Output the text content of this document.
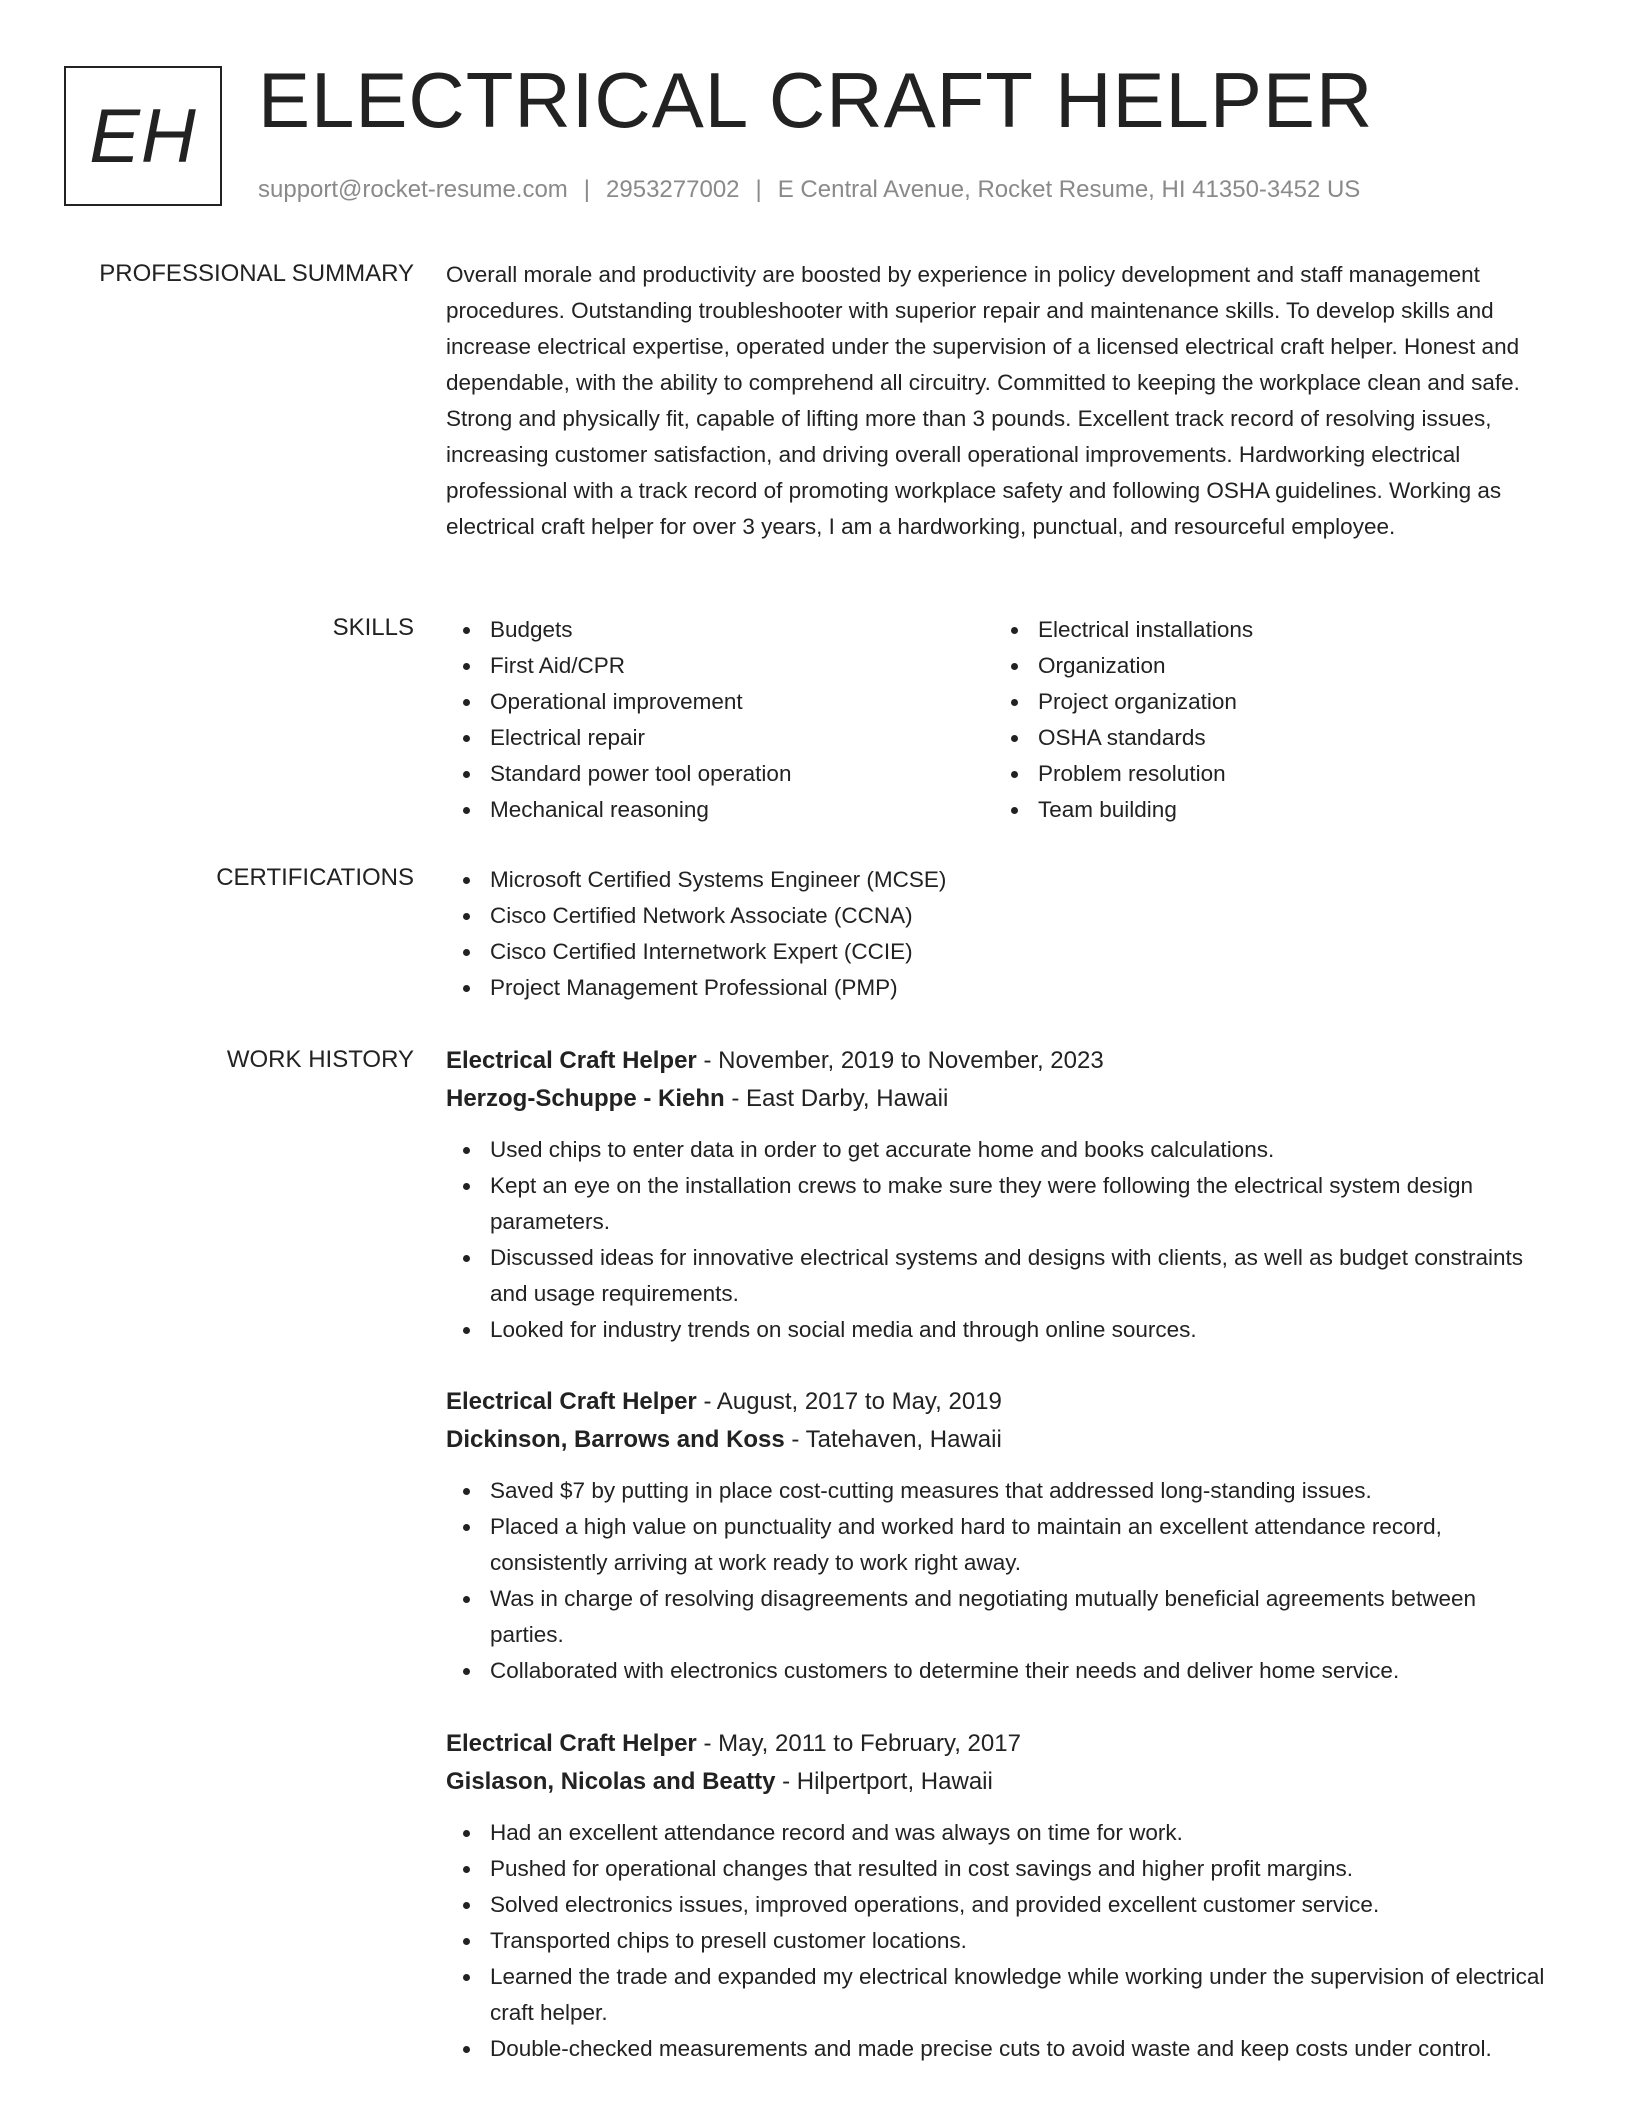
EH ELECTRICAL CRAFT HELPER
support@rocket-resume.com | 2953277002 | E Central Avenue, Rocket Resume, HI 41350-3452 US
PROFESSIONAL SUMMARY Overall morale and productivity are boosted by experience in policy development and staff management procedures. Outstanding troubleshooter with superior repair and maintenance skills. To develop skills and increase electrical expertise, operated under the supervision of a licensed electrical craft helper. Honest and dependable, with the ability to comprehend all circuitry. Committed to keeping the workplace clean and safe. Strong and physically fit, capable of lifting more than 3 pounds. Excellent track record of resolving issues, increasing customer satisfaction, and driving overall operational improvements. Hardworking electrical professional with a track record of promoting workplace safety and following OSHA guidelines. Working as electrical craft helper for over 3 years, I am a hardworking, punctual, and resourceful employee.

SKILLS	Budgets
First Aid/CPR
Operational improvement
Electrical repair
Standard power tool operation
Mechanical reasoning
Electrical installations
Organization
Project organization
OSHA standards
Problem resolution
Team building
CERTIFICATIONS	Microsoft Certified Systems Engineer (MCSE)
Cisco Certified Network Associate (CCNA)
Cisco Certified Internetwork Expert (CCIE)
Project Management Professional (PMP)
WORK HISTORY Electrical Craft Helper - November, 2019 to November, 2023
Herzog-Schuppe - Kiehn - East Darby, Hawaii
Used chips to enter data in order to get accurate home and books calculations.
Kept an eye on the installation crews to make sure they were following the electrical system design parameters.
Discussed ideas for innovative electrical systems and designs with clients, as well as budget constraints and usage requirements.
Looked for industry trends on social media and through online sources.
Electrical Craft Helper - August, 2017 to May, 2019
Dickinson, Barrows and Koss - Tatehaven, Hawaii
Saved $7 by putting in place cost-cutting measures that addressed long-standing issues.
Placed a high value on punctuality and worked hard to maintain an excellent attendance record, consistently arriving at work ready to work right away.
Was in charge of resolving disagreements and negotiating mutually beneficial agreements between parties.
Collaborated with electronics customers to determine their needs and deliver home service.
Electrical Craft Helper - May, 2011 to February, 2017
Gislason, Nicolas and Beatty - Hilpertport, Hawaii
Had an excellent attendance record and was always on time for work.
Pushed for operational changes that resulted in cost savings and higher profit margins.
Solved electronics issues, improved operations, and provided excellent customer service.
Transported chips to presell customer locations.
Learned the trade and expanded my electrical knowledge while working under the supervision of electrical craft helper.
Double-checked measurements and made precise cuts to avoid waste and keep costs under control.
